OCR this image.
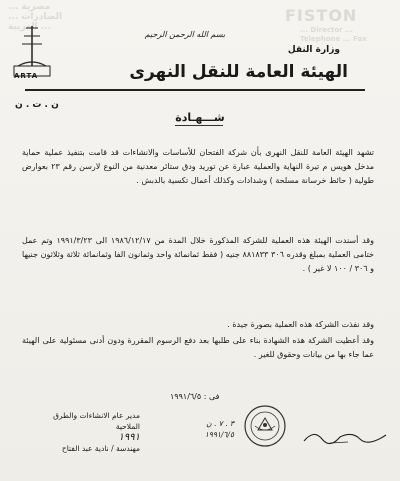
مصرية ... الصادرات ... الغربية ...
FISTON
... Director ... Telephone ... Fax
ARTA
ن . ت . ن
بسم الله الرحمن الرحيم
وزارة النقل
الهيئة العامة للنقل النهرى
شـــهـادة
تشهد الهيئة العامة للنقل النهرى بأن شركة الفتحان للأساسات والانشاءات قد قامت بتنفيذ عملية حماية مدخل هويس م تيرة النهاية والعملية عبارة عن توريد ودق ستائر معدنية من النوع لارسن رقم ٢٣ بعوارض طولية ( حائط خرسانة مسلحة ) وشدادات وكذلك أعمال تكسية بالدبش .
وقد أسندت الهيئة هذه العملية للشركة المذكورة خلال المدة من ١٩٨٦/١٢/١٧ الى ١٩٩١/٣/٢٣ وتم عمل ختامى العملية بمبلغ وقدره ٣٠٦ ٨٨١٨٣٣ جنيه ( فقط ثمانمائة واحد وثمانون الفا وثمانمائة ثلاثة وثلاثون جنيها و ٣٠٦ / ١٠٠ لا غير ) .
وقد نفذت الشركة هذه العملية بصورة جيدة .
وقد أعطيت الشركة هذه الشهادة بناء على طلبها بعد دفع الرسوم المقررة ودون أدنى مسئولية على الهيئة عما جاء بها من بيانات وحقوق للغير .
فى : ١٩٩١/٦/٥
مدير عام الانشاءات والطرق
الملاحية
١٩٩١
مهندسة / نادية عبد الفتاح
٣ . ٧ . ن
١٩٩١/٦/٥
